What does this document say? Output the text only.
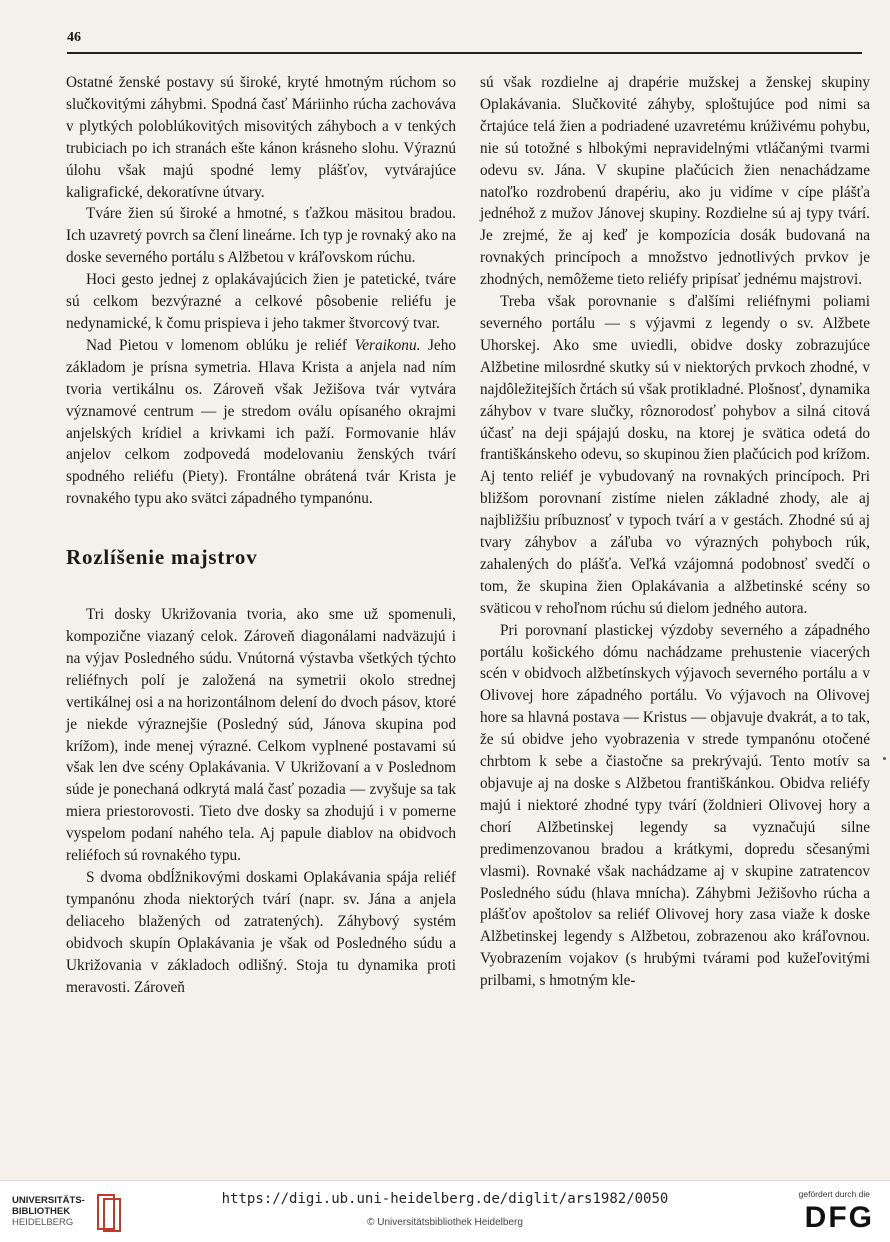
46

Ostatné ženské postavy sú široké, kryté hmotným rúchom so slučkovitými záhybmi. Spodná časť Máriinho rúcha zachováva v plytkých poloblúkovitých misovitých záhyboch a v tenkých trubiciach po ich stranách ešte kánon krásneho slohu. Výraznú úlohu však majú spodné lemy plášťov, vytvárajúce kaligrafické, dekoratívne útvary.

Tváre žien sú široké a hmotné, s ťažkou mäsitou bradou. Ich uzavretý povrch sa člení lineárne. Ich typ je rovnaký ako na doske severného portálu s Alžbetou v kráľovskom rúchu.

Hoci gesto jednej z oplakávajúcich žien je patetické, tváre sú celkom bezvýrazné a celkové pôsobenie reliéfu je nedynamické, k čomu prispieva i jeho takmer štvorcový tvar.

Nad Pietou v lomenom oblúku je reliéf Veraikonu. Jeho základom je prísna symetria. Hlava Krista a anjela nad ním tvoria vertikálnu os. Zároveň však Ježišova tvár vytvára významové centrum — je stredom oválu opísaného okrajmi anjelských krídiel a krivkami ich paží. Formovanie hláv anjelov celkom zodpovedá modelovaniu ženských tvárí spodného reliéfu (Piety). Frontálne obrátená tvár Krista je rovnakého typu ako svätci západného tympanónu.

Rozlíšenie majstrov

Tri dosky Ukrižovania tvoria, ako sme už spomenuli, kompozične viazaný celok. Zároveň diagonálami nadväzujú i na výjav Posledného súdu. Vnútorná výstavba všetkých týchto reliéfnych polí je založená na symetrii okolo strednej vertikálnej osi a na horizontálnom delení do dvoch pásov, ktoré je niekde výraznejšie (Posledný súd, Jánova skupina pod krížom), inde menej výrazné. Celkom vyplnené postavami sú však len dve scény Oplakávania. V Ukrižovaní a v Poslednom súde je ponechaná odkrytá malá časť pozadia — zvyšuje sa tak miera priestorovosti. Tieto dve dosky sa zhodujú i v pomerne vyspelom podaní nahého tela. Aj papule diablov na obidvoch reliéfoch sú rovnakého typu.

S dvoma obdĺžnikovými doskami Oplakávania spája reliéf tympanónu zhoda niektorých tvárí (napr. sv. Jána a anjela deliaceho blažených od zatratených). Záhybový systém obidvoch skupín Oplakávania je však od Posledného súdu a Ukrižovania v základoch odlišný. Stoja tu dynamika proti meravosti. Zároveň

sú však rozdielne aj drapérie mužskej a ženskej skupiny Oplakávania. Slučkovité záhyby, sploštujúce pod nimi sa črtajúce telá žien a podriadené uzavretému krúživému pohybu, nie sú totožné s hlbokými nepravidelnými vtláčanými tvarmi odevu sv. Jána. V skupine plačúcich žien nenachádzame natoľko rozdrobenú drapériu, ako ju vidíme v cípe plášťa jednéhož z mužov Jánovej skupiny. Rozdielne sú aj typy tvárí. Je zrejmé, že aj keď je kompozícia dosák budovaná na rovnakých princípoch a množstvo jednotlivých prvkov je zhodných, nemôžeme tieto reliéfy pripísať jednému majstrovi.

Treba však porovnanie s ďalšími reliéfnymi poliami severného portálu — s výjavmi z legendy o sv. Alžbete Uhorskej. Ako sme uviedli, obidve dosky zobrazujúce Alžbetine milosrdné skutky sú v niektorých prvkoch zhodné, v najdôležitejších črtách sú však protikladné. Plošnosť, dynamika záhybov v tvare slučky, rôznorodosť pohybov a silná citová účasť na deji spájajú dosku, na ktorej je svätica odetá do františkánskeho odevu, so skupinou žien plačúcich pod krížom. Aj tento reliéf je vybudovaný na rovnakých princípoch. Pri bližšom porovnaní zistíme nielen základné zhody, ale aj najbližšiu príbuznosť v typoch tvárí a v gestách. Zhodné sú aj tvary záhybov a záľuba vo výrazných pohyboch rúk, zahalených do plášťa. Veľká vzájomná podobnosť svedčí o tom, že skupina žien Oplakávania a alžbetinské scény so sväticou v rehoľnom rúchu sú dielom jedného autora.

Pri porovnaní plastickej výzdoby severného a západného portálu košického dómu nachádzame prehustenie viacerých scén v obidvoch alžbetínskych výjavoch severného portálu a v Olivovej hore západného portálu. Vo výjavoch na Olivovej hore sa hlavná postava — Kristus — objavuje dvakrát, a to tak, že sú obidve jeho vyobrazenia v strede tympanónu otočené chrbtom k sebe a čiastočne sa prekrývajú. Tento motív sa objavuje aj na doske s Alžbetou františkánkou. Obidva reliéfy majú i niektoré zhodné typy tvárí (žoldnieri Olivovej hory a chorí Alžbetinskej legendy sa vyznačujú silne predimenzovanou bradou a krátkymi, dopredu sčesanými vlasmi). Rovnaké však nachádzame aj v skupine zatratencov Posledného súdu (hlava mnícha). Záhybmi Ježišovho rúcha a plášťov apoštolov sa reliéf Olivovej hory zasa viaže k doske Alžbetinskej legendy s Alžbetou, zobrazenou ako kráľovnou. Vyobrazením vojakov (s hrubými tvárami pod kužeľovitými prilbami, s hmotným kle-

UNIVERSITÄTS-
BIBLIOTHEK
HEIDELBERG
https://digi.ub.uni-heidelberg.de/diglit/ars1982/0050
© Universitätsbibliothek Heidelberg
gefördert durch die
DFG
